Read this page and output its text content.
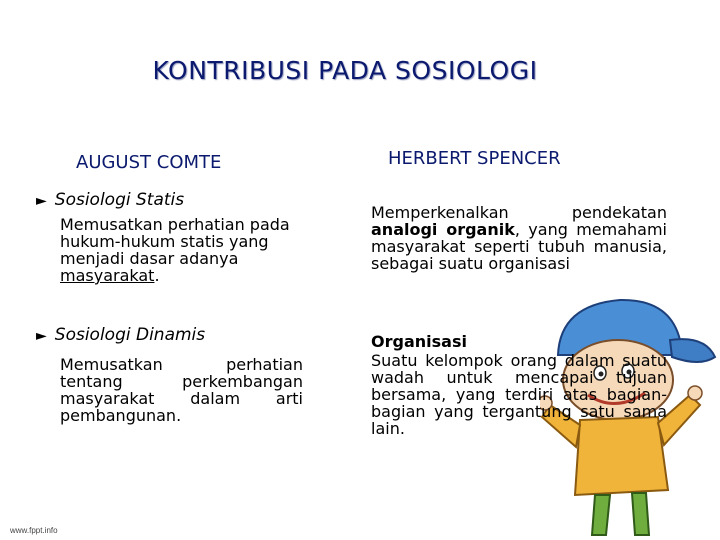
KONTRIBUSI PADA SOSIOLOGI
AUGUST COMTE	HERBERT SPENCER
► Sosiologi Statis
Memusatkan perhatian pada hukum-hukum statis yang menjadi dasar adanya masyarakat.
► Sosiologi Dinamis
Memusatkan perhatian tentang perkembangan masyarakat dalam arti pembangunan.
Memperkenalkan pendekatan analogi organik, yang memahami masyarakat seperti tubuh manusia, sebagai suatu organisasi
Organisasi
Suatu kelompok orang dalam suatu wadah untuk mencapai tujuan bersama, yang terdiri atas bagian-bagian yang tergantung satu sama lain.
www.fppt.info
